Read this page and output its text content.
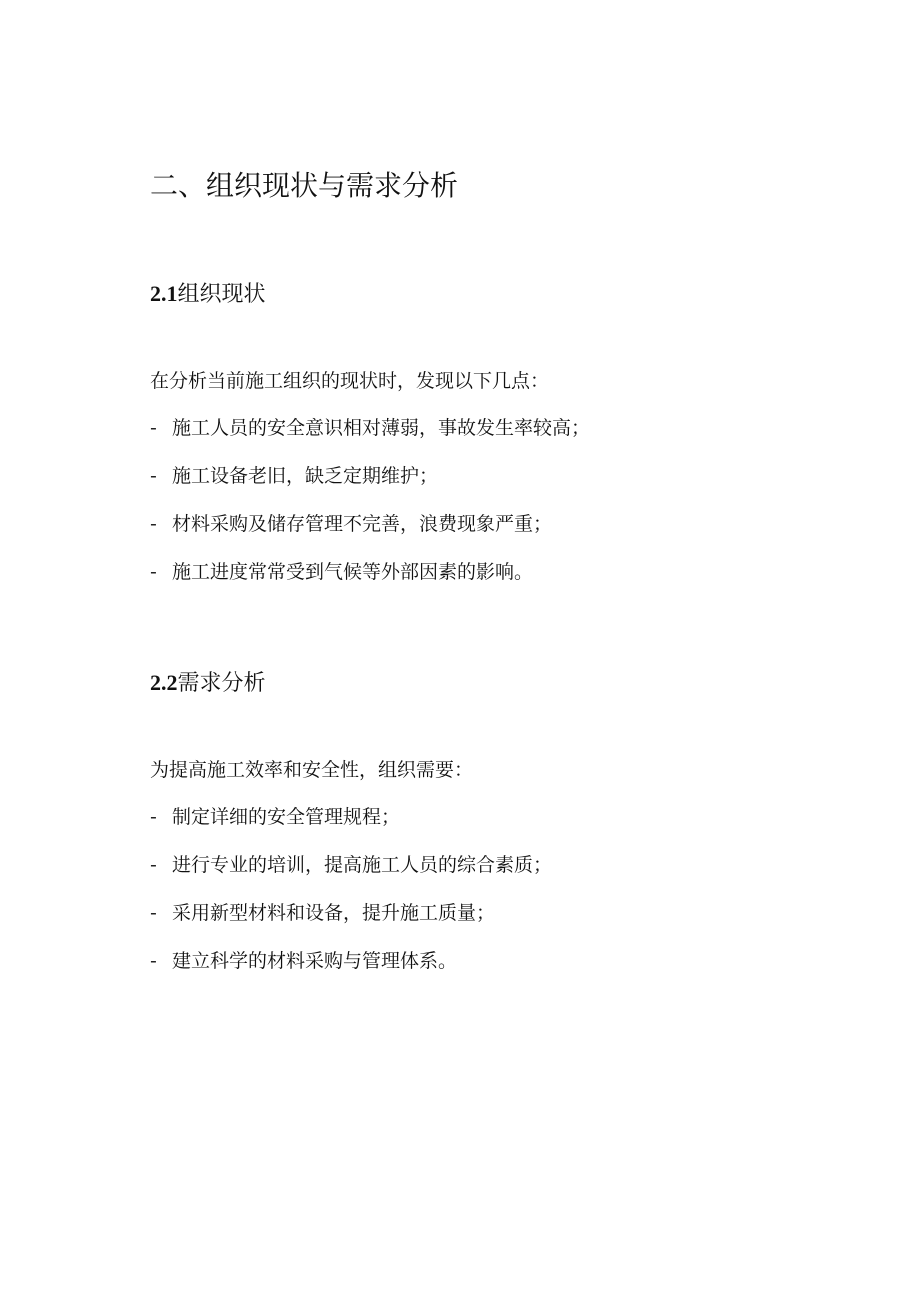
二、组织现状与需求分析
2.1组织现状

在分析当前施工组织的现状时，发现以下几点：

- 施工人员的安全意识相对薄弱，事故发生率较高；
- 施工设备老旧，缺乏定期维护；
- 材料采购及储存管理不完善，浪费现象严重；
- 施工进度常常受到气候等外部因素的影响。
2.2需求分析

为提高施工效率和安全性，组织需要：

- 制定详细的安全管理规程；
- 进行专业的培训，提高施工人员的综合素质；
- 采用新型材料和设备，提升施工质量；
- 建立科学的材料采购与管理体系。
